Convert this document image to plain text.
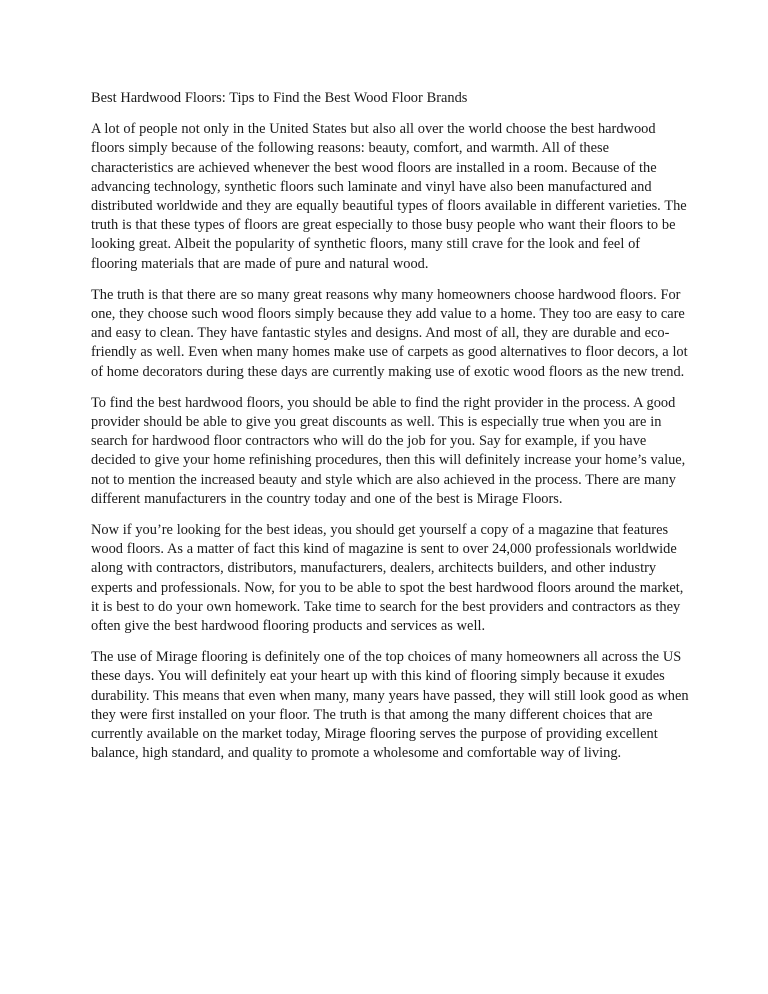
Best Hardwood Floors: Tips to Find the Best Wood Floor Brands

A lot of people not only in the United States but also all over the world choose the best hardwood floors simply because of the following reasons: beauty, comfort, and warmth. All of these characteristics are achieved whenever the best wood floors are installed in a room. Because of the advancing technology, synthetic floors such laminate and vinyl have also been manufactured and distributed worldwide and they are equally beautiful types of floors available in different varieties. The truth is that these types of floors are great especially to those busy people who want their floors to be looking great. Albeit the popularity of synthetic floors, many still crave for the look and feel of flooring materials that are made of pure and natural wood.

The truth is that there are so many great reasons why many homeowners choose hardwood floors. For one, they choose such wood floors simply because they add value to a home. They too are easy to care and easy to clean. They have fantastic styles and designs. And most of all, they are durable and eco-friendly as well. Even when many homes make use of carpets as good alternatives to floor decors, a lot of home decorators during these days are currently making use of exotic wood floors as the new trend.

To find the best hardwood floors, you should be able to find the right provider in the process. A good provider should be able to give you great discounts as well. This is especially true when you are in search for hardwood floor contractors who will do the job for you. Say for example, if you have decided to give your home refinishing procedures, then this will definitely increase your home’s value, not to mention the increased beauty and style which are also achieved in the process. There are many different manufacturers in the country today and one of the best is Mirage Floors.

Now if you’re looking for the best ideas, you should get yourself a copy of a magazine that features wood floors. As a matter of fact this kind of magazine is sent to over 24,000 professionals worldwide along with contractors, distributors, manufacturers, dealers, architects builders, and other industry experts and professionals. Now, for you to be able to spot the best hardwood floors around the market, it is best to do your own homework. Take time to search for the best providers and contractors as they often give the best hardwood flooring products and services as well.

The use of Mirage flooring is definitely one of the top choices of many homeowners all across the US these days. You will definitely eat your heart up with this kind of flooring simply because it exudes durability. This means that even when many, many years have passed, they will still look good as when they were first installed on your floor. The truth is that among the many different choices that are currently available on the market today, Mirage flooring serves the purpose of providing excellent balance, high standard, and quality to promote a wholesome and comfortable way of living.
